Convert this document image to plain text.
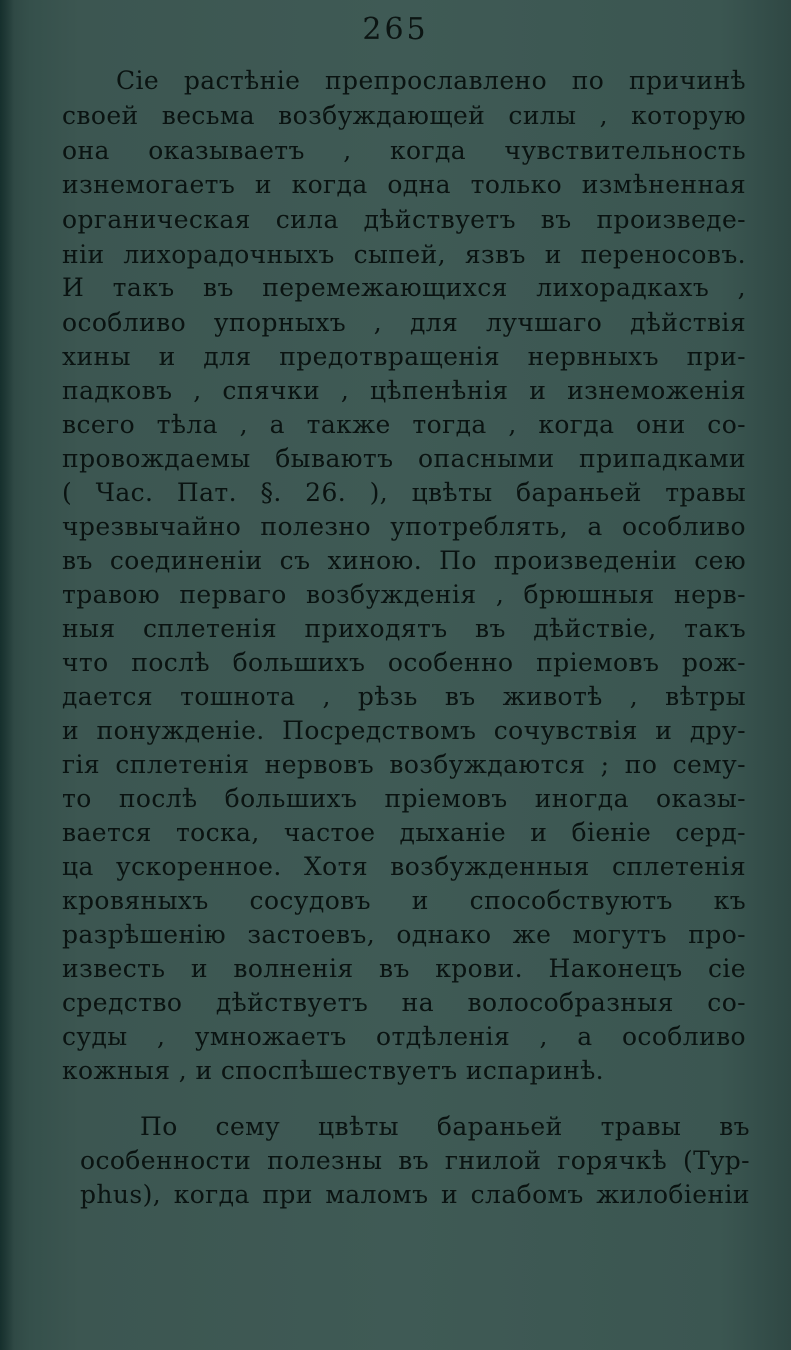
265
Сіе растѣніе препрославлено по причинѣ
своей весьма возбуждающей силы , которую
она оказываетъ , когда чувствительность
изнемогаетъ и когда одна только измѣненная
органическая сила дѣйствуетъ въ произведе-
ніи лихорадочныхъ сыпей, язвъ и переносовъ.
И такъ въ перемежающихся лихорадкахъ ,
особливо упорныхъ , для лучшаго дѣйствія
хины и для предотвращенія нервныхъ при-
падковъ , спячки , цѣпенѣнія и изнеможенія
всего тѣла , а также тогда , когда они со-
провождаемы бываютъ опасными припадками
( Час. Пат. §. 26. ), цвѣты бараньей травы
чрезвычайно полезно употреблять, а особливо
въ соединеніи съ хиною. По произведеніи сею
травою перваго возбужденія , брюшныя нерв-
ныя сплетенія приходятъ въ дѣйствіе, такъ
что послѣ большихъ особенно пріемовъ рож-
дается тошнота , рѣзь въ животѣ , вѣтры
и понужденіе. Посредствомъ сочувствія и дру-
гія сплетенія нервовъ возбуждаются ; по сему-
то послѣ большихъ пріемовъ иногда оказы-
вается тоска, частое дыханіе и біеніе серд-
ца ускоренное. Хотя возбужденныя сплетенія
кровяныхъ сосудовъ и способствуютъ къ
разрѣшенію застоевъ, однако же могутъ про-
известь и волненія въ крови. Наконецъ сіе
средство дѣйствуетъ на волособразныя со-
суды , умножаетъ отдѣленія , а особливо
кожныя , и споспѣшествуетъ испаринѣ.
По сему цвѣты бараньей травы въ
особенности полезны въ гнилой горячкѣ (Typ-
phus), когда при маломъ и слабомъ жилобіеніи
